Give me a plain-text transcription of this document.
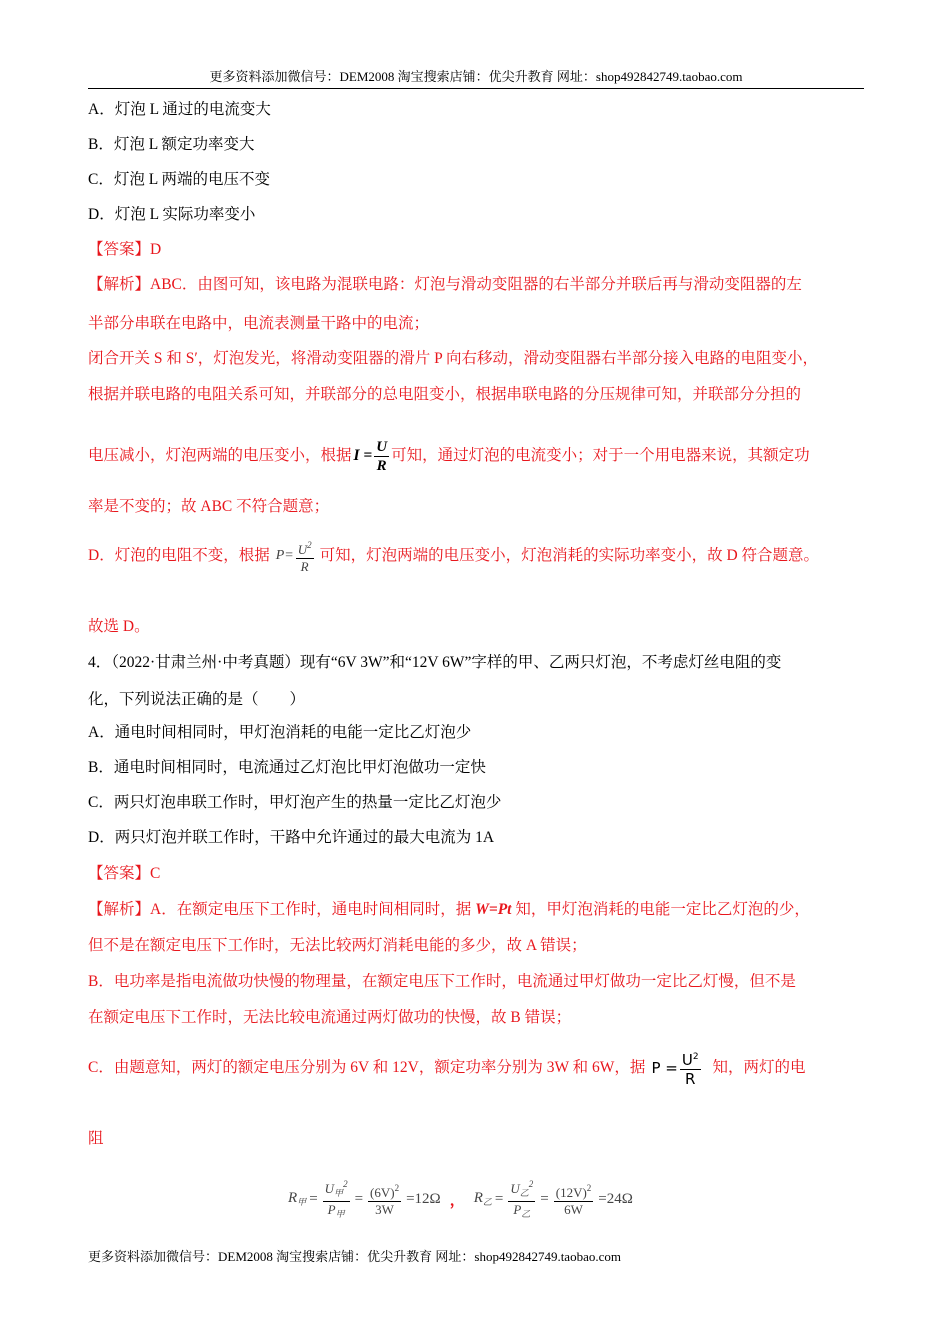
更多资料添加微信号：DEM2008 淘宝搜索店铺：优尖升教育 网址：shop492842749.taobao.com
A．灯泡 L 通过的电流变大
B．灯泡 L 额定功率变大
C．灯泡 L 两端的电压不变
D．灯泡 L 实际功率变小
【答案】D
【解析】ABC．由图可知，该电路为混联电路：灯泡与滑动变阻器的右半部分并联后再与滑动变阻器的左
半部分串联在电路中，电流表测量干路中的电流；
闭合开关 S 和 S′，灯泡发光，将滑动变阻器的滑片 P 向右移动，滑动变阻器右半部分接入电路的电阻变小，
根据并联电路的电阻关系可知，并联部分的总电阻变小，根据串联电路的分压规律可知，并联部分分担的
电压减小，灯泡两端的电压变小，根据 $I = \frac{U}{R}$ 可知，通过灯泡的电流变小；对于一个用电器来说，其额定功
率是不变的；故 ABC 不符合题意；
D．灯泡的电阻不变，根据 $P= \frac{U^2}{R}$ 可知，灯泡两端的电压变小，灯泡消耗的实际功率变小，故 D 符合题意。
故选 D。
4．（2022·甘肃兰州·中考真题）现有“6V 3W”和“12V 6W”字样的甲、乙两只灯泡，不考虑灯丝电阻的变
化，下列说法正确的是（　　）
A．通电时间相同时，甲灯泡消耗的电能一定比乙灯泡少
B．通电时间相同时，电流通过乙灯泡比甲灯泡做功一定快
C．两只灯泡串联工作时，甲灯泡产生的热量一定比乙灯泡少
D．两只灯泡并联工作时，干路中允许通过的最大电流为 1A
【答案】C
【解析】A．在额定电压下工作时，通电时间相同时，据 W=Pt 知，甲灯泡消耗的电能一定比乙灯泡的少，
但不是在额定电压下工作时，无法比较两灯消耗电能的多少，故 A 错误；
B．电功率是指电流做功快慢的物理量，在额定电压下工作时，电流通过甲灯做功一定比乙灯慢，但不是
在额定电压下工作时，无法比较电流通过两灯做功的快慢，故 B 错误；
C．由题意知，两灯的额定电压分别为 6V 和 12V，额定功率分别为 3W 和 6W，据 $P = \frac{U^2}{R}$ 知，两灯的电
阻
$R_甲 = \frac{U_甲^2}{P_甲} = \frac{(6V)^2}{3W} =12\Omega$ ， $R_乙 = \frac{U_乙^2}{P_乙} = \frac{(12V)^2}{6W} =24\Omega$
更多资料添加微信号：DEM2008 淘宝搜索店铺：优尖升教育 网址：shop492842749.taobao.com
